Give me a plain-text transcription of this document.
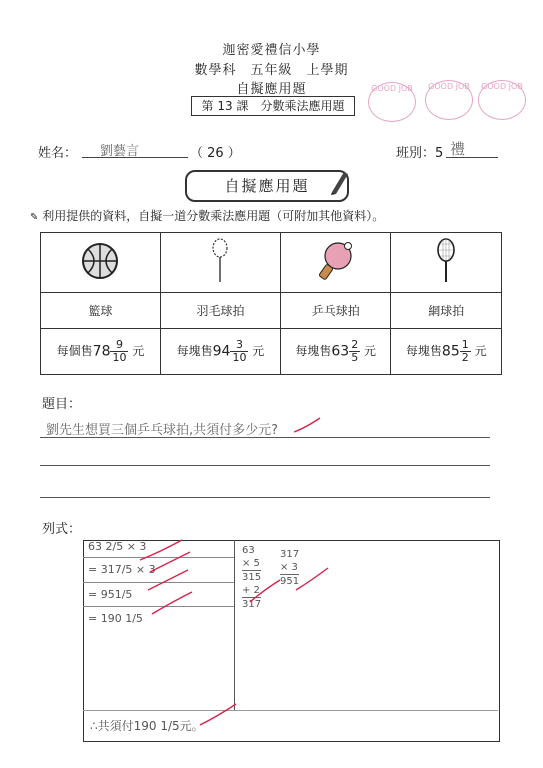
迦密愛禮信小學
數學科　五年級　上學期
自擬應用題
第 13 課　分數乘法應用題
GOOD JOB	GOOD JOB	GOOD JOB
姓名：	劉藝言	（ 26 ）	班別：5 禮
自擬應用題
✎ 利用提供的資料，自擬一道分數乘法應用題（可附加其他資料）。

籃球	羽毛球拍	乒乓球拍	網球拍
每個售$78 \frac{9}{10}$ 元	每塊售$94 \frac{3}{10}$ 元	每塊售$63 \frac{2}{5}$ 元	每塊售$85 \frac{1}{2}$ 元
題目：
劉先生想買三個乒乓球拍,共須付多少元?
列式：
63 2/5 × 3
= 317/5 × 3
= 951/5
= 190 1/5
63
× 5
315
+ 2
317
317
× 3
951
∴共須付190 1/5元。
